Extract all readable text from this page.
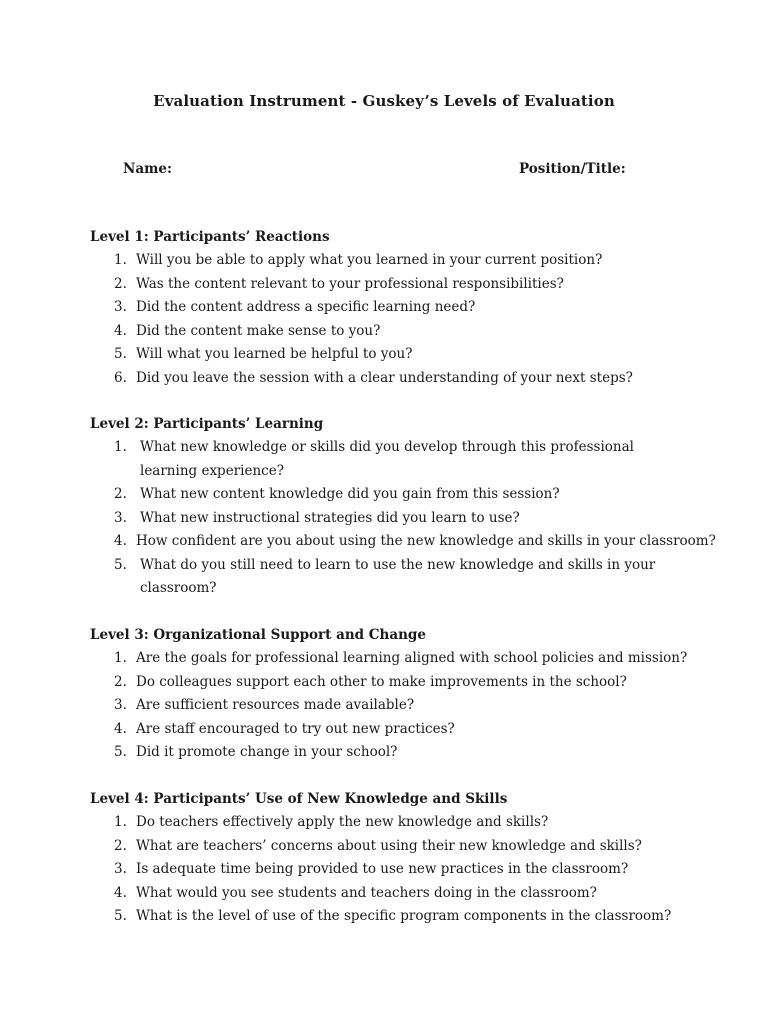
Evaluation Instrument - Guskey’s Levels of Evaluation
Name:	Position/Title:
Level 1: Participants’ Reactions
1. Will you be able to apply what you learned in your current position?
2. Was the content relevant to your professional responsibilities?
3. Did the content address a specific learning need?
4. Did the content make sense to you?
5. Will what you learned be helpful to you?
6. Did you leave the session with a clear understanding of your next steps?
Level 2: Participants’ Learning
1. What new knowledge or skills did you develop through this professional learning experience?
2. What new content knowledge did you gain from this session?
3. What new instructional strategies did you learn to use?
4. How confident are you about using the new knowledge and skills in your classroom?
5. What do you still need to learn to use the new knowledge and skills in your classroom?
Level 3: Organizational Support and Change
1. Are the goals for professional learning aligned with school policies and mission?
2. Do colleagues support each other to make improvements in the school?
3. Are sufficient resources made available?
4. Are staff encouraged to try out new practices?
5. Did it promote change in your school?
Level 4: Participants’ Use of New Knowledge and Skills
1. Do teachers effectively apply the new knowledge and skills?
2. What are teachers’ concerns about using their new knowledge and skills?
3. Is adequate time being provided to use new practices in the classroom?
4. What would you see students and teachers doing in the classroom?
5. What is the level of use of the specific program components in the classroom?
